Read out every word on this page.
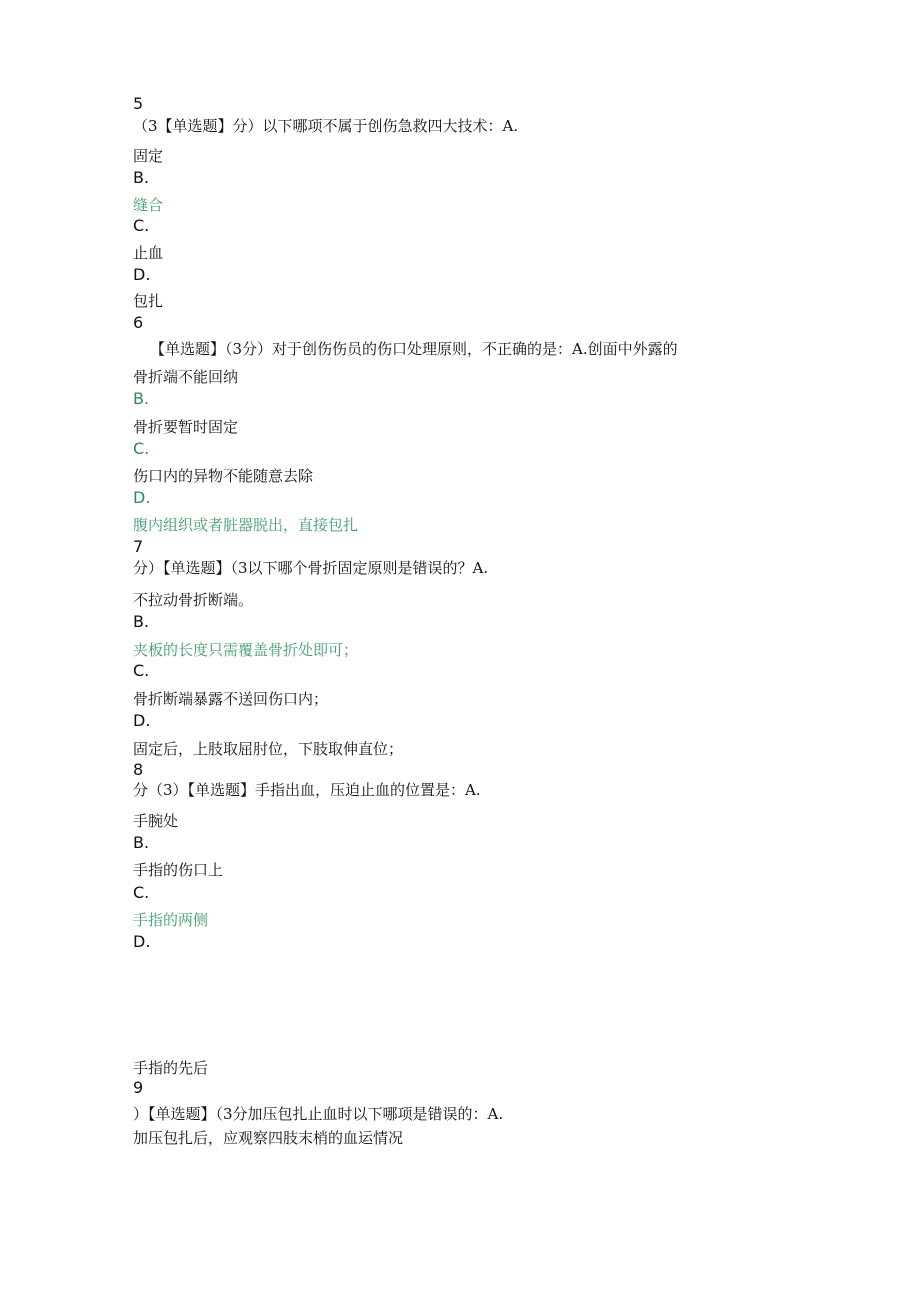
5
（3【单选题】分）以下哪项不属于创伤急救四大技术：A.
固定
B.
缝合
C.
止血
D.
包扎
6
【单选题】（3分）对于创伤伤员的伤口处理原则，不正确的是：A.创面中外露的
骨折端不能回纳
B.
骨折要暂时固定
C.
伤口内的异物不能随意去除
D.
腹内组织或者脏器脱出，直接包扎
7
分）【单选题】（3以下哪个骨折固定原则是错误的？A.
不拉动骨折断端。
B.
夹板的长度只需覆盖骨折处即可；
C.
骨折断端暴露不送回伤口内；
D.
固定后，上肢取屈肘位，下肢取伸直位；
8
分（3）【单选题】手指出血，压迫止血的位置是：A.
手腕处
B.
手指的伤口上
C.
手指的两侧
D.
手指的先后
9
）【单选题】（3分加压包扎止血时以下哪项是错误的：A.
加压包扎后，应观察四肢末梢的血运情况
